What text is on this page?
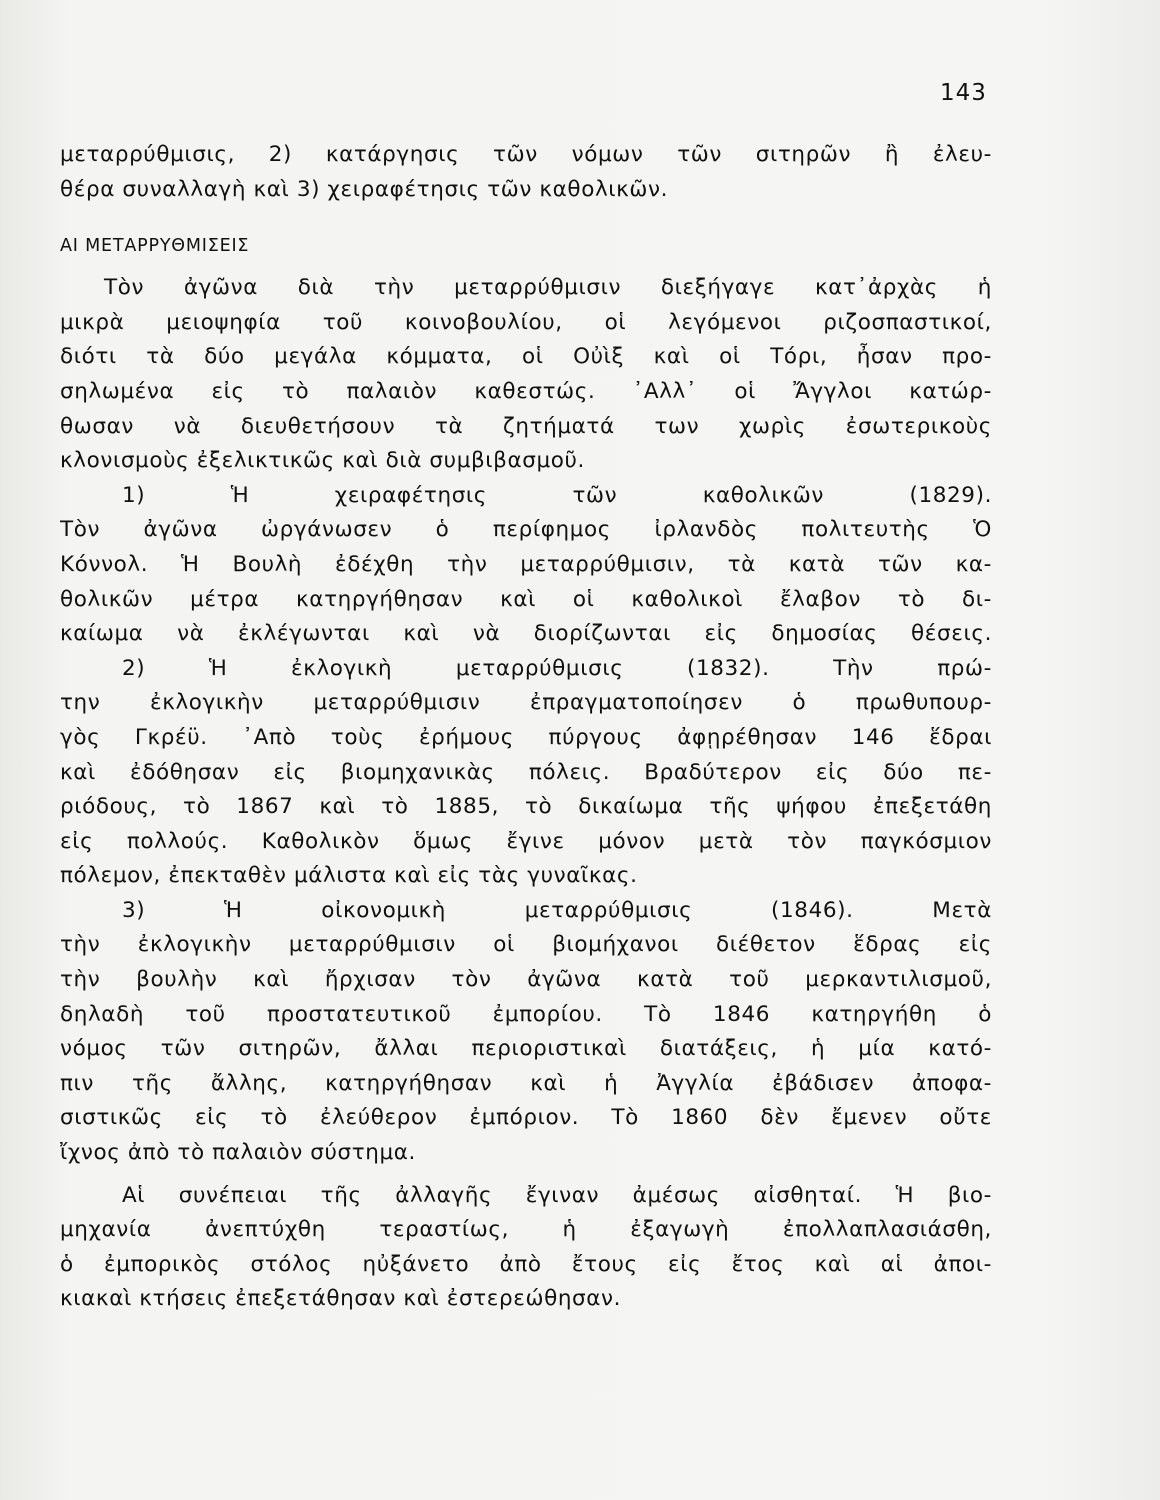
143
μεταρρύθμισις, 2) κατάργησις τῶν νόμων τῶν σιτηρῶν ἢ ἐλευ-
θέρα συναλλαγὴ καὶ 3) χειραφέτησις τῶν καθολικῶν.
ΑΙ ΜΕΤΑΡΡΥΘΜΙΣΕΙΣ
Τὸν ἀγῶνα διὰ τὴν μεταρρύθμισιν διεξήγαγε κατ᾽ἀρχὰς ἡ
μικρὰ μειοψηφία τοῦ κοινοβουλίου, οἱ λεγόμενοι ριζοσπαστικοί,
διότι τὰ δύο μεγάλα κόμματα, οἱ Οὐὶξ καὶ οἱ Τόρι, ἦσαν προ-
σηλωμένα εἰς τὸ παλαιὸν καθεστώς. ᾽Αλλ᾽ οἱ Ἄγγλοι κατώρ-
θωσαν νὰ διευθετήσουν τὰ ζητήματά των χωρὶς ἐσωτερικοὺς
κλονισμοὺς ἐξελικτικῶς καὶ διὰ συμβιβασμοῦ.
1) Ἡ χειραφέτησις τῶν καθολικῶν (1829).
Τὸν ἀγῶνα ὠργάνωσεν ὁ περίφημος ἰρλανδὸς πολιτευτὴς Ὁ
Κόννολ. Ἡ Βουλὴ ἐδέχθη τὴν μεταρρύθμισιν, τὰ κατὰ τῶν κα-
θολικῶν μέτρα κατηργήθησαν καὶ οἱ καθολικοὶ ἔλαβον τὸ δι-
καίωμα νὰ ἐκλέγωνται καὶ νὰ διορίζωνται εἰς δημοσίας θέσεις.
2) Ἡ ἐκλογικὴ μεταρρύθμισις (1832). Τὴν πρώ-
την ἐκλογικὴν μεταρρύθμισιν ἐπραγματοποίησεν ὁ πρωθυπουρ-
γὸς Γκρέϋ. ᾽Απὸ τοὺς ἐρήμους πύργους ἀφῃρέθησαν 146 ἕδραι
καὶ ἐδόθησαν εἰς βιομηχανικὰς πόλεις. Βραδύτερον εἰς δύο πε-
ριόδους, τὸ 1867 καὶ τὸ 1885, τὸ δικαίωμα τῆς ψήφου ἐπεξετάθη
εἰς πολλούς. Καθολικὸν ὅμως ἔγινε μόνον μετὰ τὸν παγκόσμιον
πόλεμον, ἐπεκταθὲν μάλιστα καὶ εἰς τὰς γυναῖκας.
3) Ἡ οἰκονομικὴ μεταρρύθμισις (1846). Μετὰ
τὴν ἐκλογικὴν μεταρρύθμισιν οἱ βιομήχανοι διέθετον ἕδρας εἰς
τὴν βουλὴν καὶ ἤρχισαν τὸν ἀγῶνα κατὰ τοῦ μερκαντιλισμοῦ,
δηλαδὴ τοῦ προστατευτικοῦ ἐμπορίου. Τὸ 1846 κατηργήθη ὁ
νόμος τῶν σιτηρῶν, ἄλλαι περιοριστικαὶ διατάξεις, ἡ μία κατό-
πιν τῆς ἄλλης, κατηργήθησαν καὶ ἡ Ἀγγλία ἐβάδισεν ἀποφα-
σιστικῶς εἰς τὸ ἐλεύθερον ἐμπόριον. Τὸ 1860 δὲν ἔμενεν οὔτε
ἴχνος ἀπὸ τὸ παλαιὸν σύστημα.
Αἱ συνέπειαι τῆς ἀλλαγῆς ἔγιναν ἀμέσως αἰσθηταί. Ἡ βιο-
μηχανία ἀνεπτύχθη τεραστίως, ἡ ἐξαγωγὴ ἐπολλαπλασιάσθη,
ὁ ἐμπορικὸς στόλος ηὐξάνετο ἀπὸ ἔτους εἰς ἔτος καὶ αἱ ἀποι-
κιακαὶ κτήσεις ἐπεξετάθησαν καὶ ἐστερεώθησαν.
